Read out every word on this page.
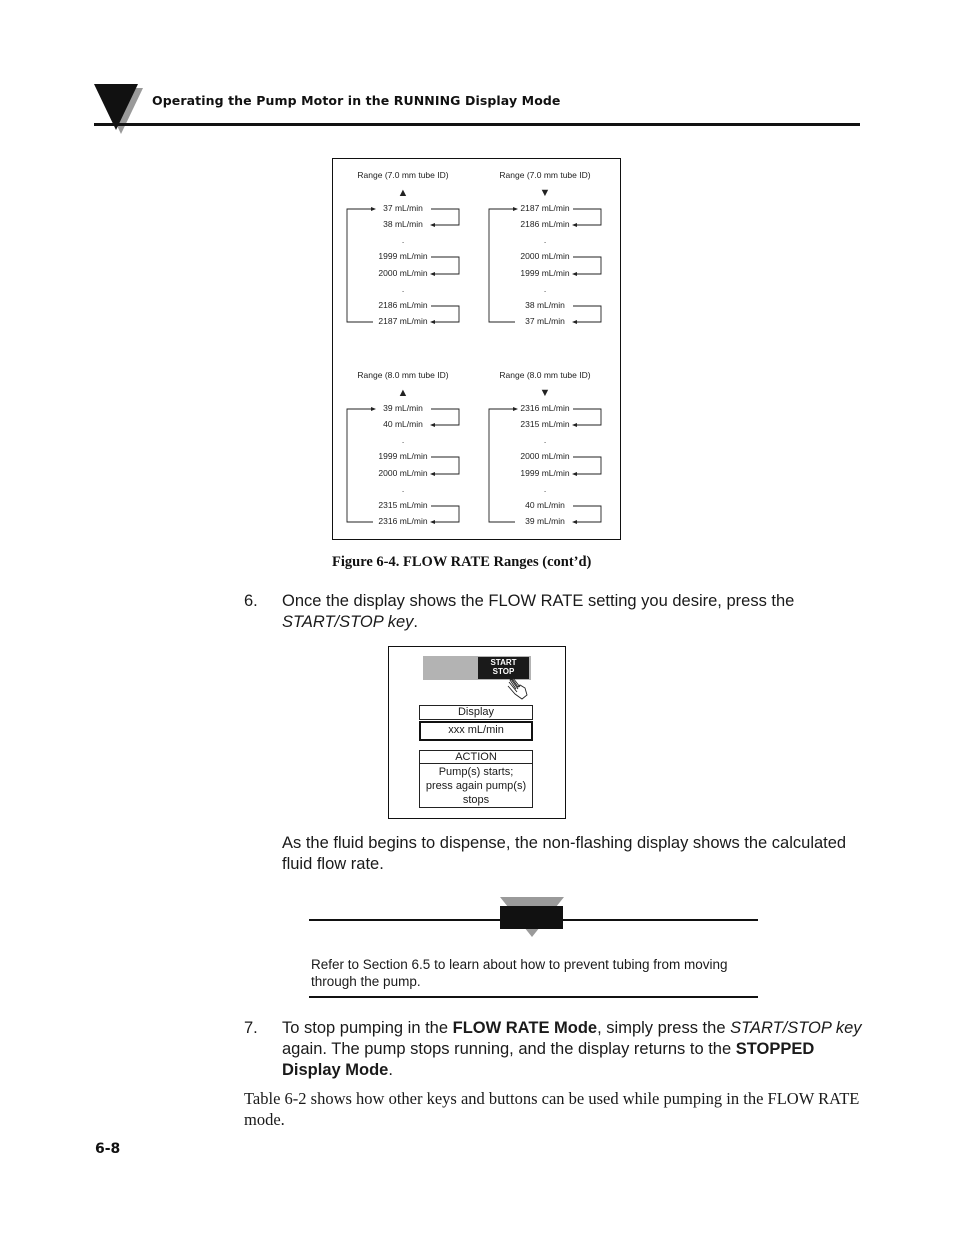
Operating the Pump Motor in the RUNNING Display Mode
Range (7.0 mm tube ID)
▲
37 mL/min
38 mL/min
.
1999 mL/min
2000 mL/min
.
2186 mL/min
2187 mL/min
Range (7.0 mm tube ID)
▼
2187 mL/min
2186 mL/min
.
2000 mL/min
1999 mL/min
.
38 mL/min
37 mL/min
Range (8.0 mm tube ID)
▲
39 mL/min
40 mL/min
.
1999 mL/min
2000 mL/min
.
2315 mL/min
2316 mL/min
Range (8.0 mm tube ID)
▼
2316 mL/min
2315 mL/min
.
2000 mL/min
1999 mL/min
.
40 mL/min
39 mL/min
Figure 6-4. FLOW RATE Ranges (cont’d)
6. Once the display shows the FLOW RATE setting you desire, press the START/STOP key.
START
STOP
Display
xxx mL/min
ACTION
Pump(s) starts;
press again pump(s)
stops
As the fluid begins to dispense, the non-flashing display shows the calculated fluid flow rate.
Refer to Section 6.5 to learn about how to prevent tubing from moving through the pump.
7. To stop pumping in the FLOW RATE Mode, simply press the START/STOP key again. The pump stops running, and the display returns to the STOPPED Display Mode.
Table 6-2 shows how other keys and buttons can be used while pumping in the FLOW RATE mode.
6-8
